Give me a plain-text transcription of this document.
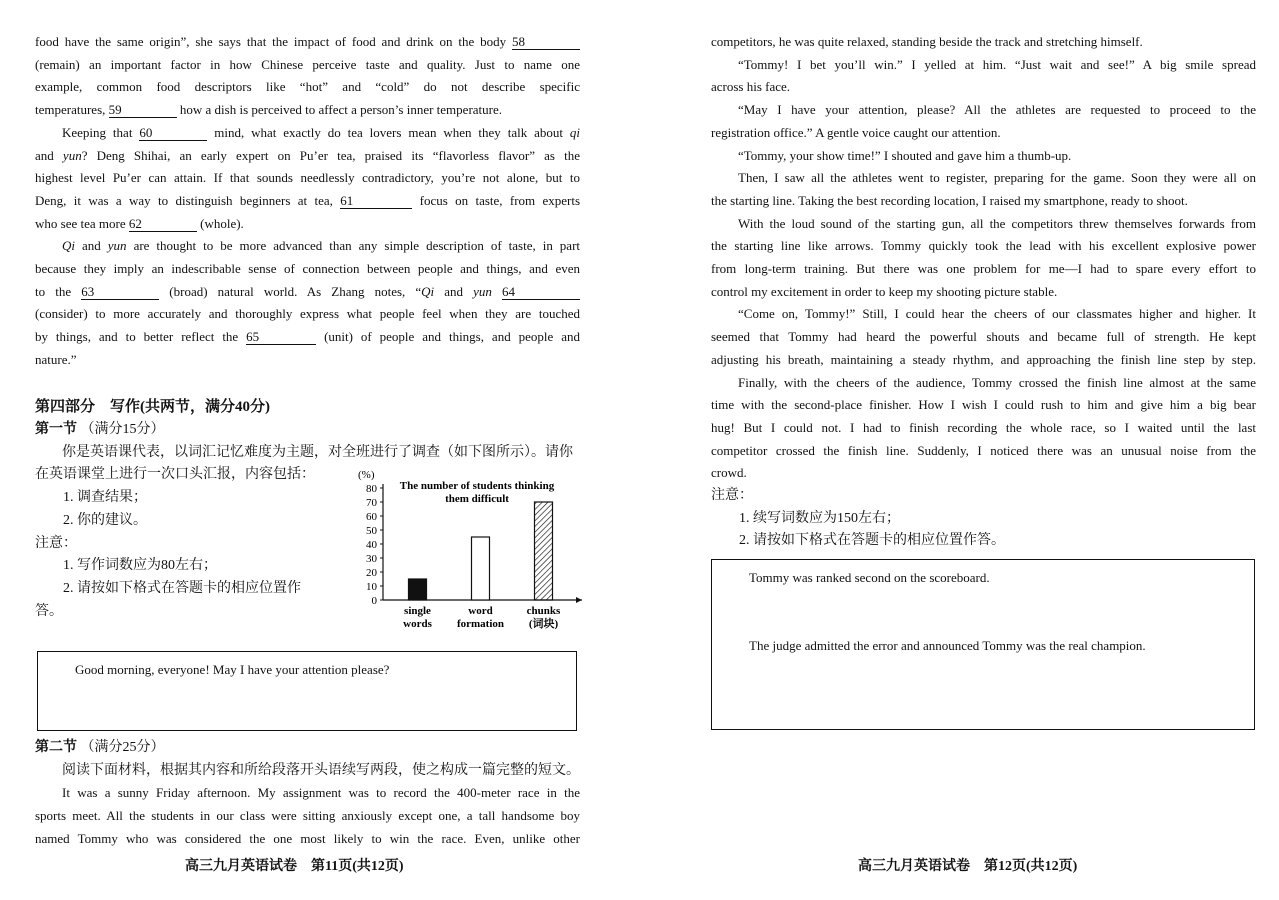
food have the same origin”, she says that the impact of food and drink on the body 58

(remain) an important factor in how Chinese perceive taste and quality. Just to name one

example, common food descriptors like “hot” and “cold” do not describe specific

temperatures, 59	how a dish is perceived to affect a person’s inner temperature.

Keeping that 60	mind, what exactly do tea lovers mean when they talk about qi

and yun? Deng Shihai, an early expert on Pu’er tea, praised its “flavorless flavor” as the

highest level Pu’er can attain. If that sounds needlessly contradictory, you’re not alone, but to

Deng, it was a way to distinguish beginners at tea, 61	focus on taste, from experts

who see tea more 62	(whole).

Qi and yun are thought to be more advanced than any simple description of taste, in part

because they imply an indescribable sense of connection between people and things, and even

to the 63	(broad) natural world. As Zhang notes, “Qi and yun 64

(consider) to more accurately and thoroughly express what people feel when they are touched

by things, and to better reflect the 65	(unit) of people and things, and people and

nature.”

第四部分　写作(共两节，满分40分)

第一节 （满分15分）

你是英语课代表，以词汇记忆难度为主题，对全班进行了调查（如下图所示）。请你

在英语课堂上进行一次口头汇报，内容包括：

1. 调查结果；

2. 你的建议。

注意：

1. 写作词数应为80左右；

2. 请按如下格式在答题卡的相应位置作

答。

(%)
The number of students thinking them difficult
0
10
20
30
40
50
60
70
80
single
words
word
formation
chunks
(词块)

Good morning, everyone! May I have your attention please?

第二节 （满分25分）

阅读下面材料，根据其内容和所给段落开头语续写两段，使之构成一篇完整的短文。

It was a sunny Friday afternoon. My assignment was to record the 400-meter race in the

sports meet. All the students in our class were sitting anxiously except one, a tall handsome boy

named Tommy who was considered the one most likely to win the race. Even, unlike other

高三九月英语试卷　第11页(共12页)

competitors, he was quite relaxed, standing beside the track and stretching himself.

“Tommy! I bet you’ll win.” I yelled at him. “Just wait and see!” A big smile spread

across his face.

“May I have your attention, please? All the athletes are requested to proceed to the

registration office.” A gentle voice caught our attention.

“Tommy, your show time!” I shouted and gave him a thumb-up.

Then, I saw all the athletes went to register, preparing for the game. Soon they were all on

the starting line. Taking the best recording location, I raised my smartphone, ready to shoot.

With the loud sound of the starting gun, all the competitors threw themselves forwards from

the starting line like arrows. Tommy quickly took the lead with his excellent explosive power

from long-term training. But there was one problem for me—I had to spare every effort to

control my excitement in order to keep my shooting picture stable.

“Come on, Tommy!” Still, I could hear the cheers of our classmates higher and higher. It

seemed that Tommy had heard the powerful shouts and became full of strength. He kept

adjusting his breath, maintaining a steady rhythm, and approaching the finish line step by step.

Finally, with the cheers of the audience, Tommy crossed the finish line almost at the same

time with the second-place finisher. How I wish I could rush to him and give him a big bear

hug! But I could not. I had to finish recording the whole race, so I waited until the last

competitor crossed the finish line. Suddenly, I noticed there was an unusual noise from the

crowd.

注意：

1. 续写词数应为150左右；

2. 请按如下格式在答题卡的相应位置作答。

Tommy was ranked second on the scoreboard.

The judge admitted the error and announced Tommy was the real champion.

高三九月英语试卷　第12页(共12页)
